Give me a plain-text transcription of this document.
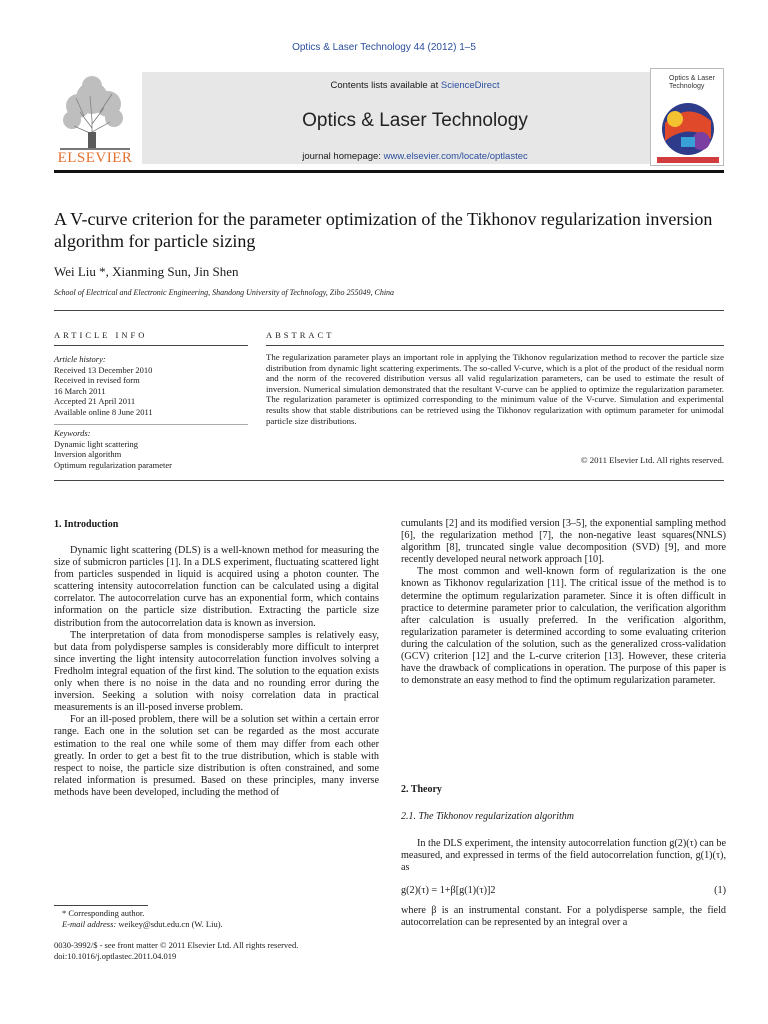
Optics & Laser Technology 44 (2012) 1–5
ELSEVIER
Contents lists available at ScienceDirect
Optics & Laser Technology
journal homepage: www.elsevier.com/locate/optlastec
Optics & Laser
Technology
A V-curve criterion for the parameter optimization of the Tikhonov regularization inversion algorithm for particle sizing
Wei Liu *, Xianming Sun, Jin Shen
School of Electrical and Electronic Engineering, Shandong University of Technology, Zibo 255049, China
ARTICLE INFO	ABSTRACT
Article history:
Received 13 December 2010
Received in revised form
16 March 2011
Accepted 21 April 2011
Available online 8 June 2011
Keywords:
Dynamic light scattering
Inversion algorithm
Optimum regularization parameter
The regularization parameter plays an important role in applying the Tikhonov regularization method to recover the particle size distribution from dynamic light scattering experiments. The so-called V-curve, which is a plot of the product of the residual norm and the norm of the recovered distribution versus all valid regularization parameters, can be used to estimate the result of inversion. Numerical simulation demonstrated that the resultant V-curve can be applied to optimize the regularization parameter. The regularization parameter is optimized corresponding to the minimum value of the V-curve. Simulation and experimental results show that stable distributions can be retrieved using the Tikhonov regularization with optimum parameter for unimodal particle size distributions.
© 2011 Elsevier Ltd. All rights reserved.
1. Introduction

Dynamic light scattering (DLS) is a well-known method for measuring the size of submicron particles [1]. In a DLS experiment, fluctuating scattered light from particles suspended in liquid is acquired using a photon counter. The scattering intensity autocorrelation function can be calculated using a digital correlator. The autocorrelation curve has an exponential form, which contains information on the particle size distribution. Extracting the particle size distribution from the autocorrelation data is known as inversion.

The interpretation of data from monodisperse samples is relatively easy, but data from polydisperse samples is considerably more difficult to interpret since inverting the light intensity autocorrelation function involves solving a Fredholm integral equation of the first kind. The solution to the equation exists only when there is no noise in the data and no rounding error during the inversion. Seeking a solution with noisy correlation data in practical measurements is an ill-posed inverse problem.

For an ill-posed problem, there will be a solution set within a certain error range. Each one in the solution set can be regarded as the most accurate estimation to the real one while some of them may differ from each other greatly. In order to get a best fit to the true distribution, which is stable with respect to noise, the particle size distribution is often constrained, and some related information is presumed. Based on these principles, many inverse methods have been developed, including the method of

cumulants [2] and its modified version [3–5], the exponential sampling method [6], the regularization method [7], the non-negative least squares(NNLS) algorithm [8], truncated single value decomposition (SVD) [9], and more recently developed neural network approach [10].

The most common and well-known form of regularization is the one known as Tikhonov regularization [11]. The critical issue of the method is to determine the optimum regularization parameter. Since it is often difficult in practice to determine parameter prior to calculation, the verification algorithm after calculation is usually preferred. In the verification algorithm, regularization parameter is determined according to some evaluating criterion during the calculation of the solution, such as the generalized cross-validation (GCV) criterion [12] and the L-curve criterion [13]. However, these criteria have the drawback of complications in operation. The purpose of this paper is to demonstrate an easy method to find the optimum regularization parameter.

2. Theory
2.1. The Tikhonov regularization algorithm

In the DLS experiment, the intensity autocorrelation function g(2)(τ) can be measured, and expressed in terms of the field autocorrelation function, g(1)(τ), as

g(2)(τ) = 1+β[g(1)(τ)]2	(1)

where β is an instrumental constant. For a polydisperse sample, the field autocorrelation can be represented by an integral over a

* Corresponding author.
E-mail address: weikey@sdut.edu.cn (W. Liu).
0030-3992/$ - see front matter © 2011 Elsevier Ltd. All rights reserved.
doi:10.1016/j.optlastec.2011.04.019
